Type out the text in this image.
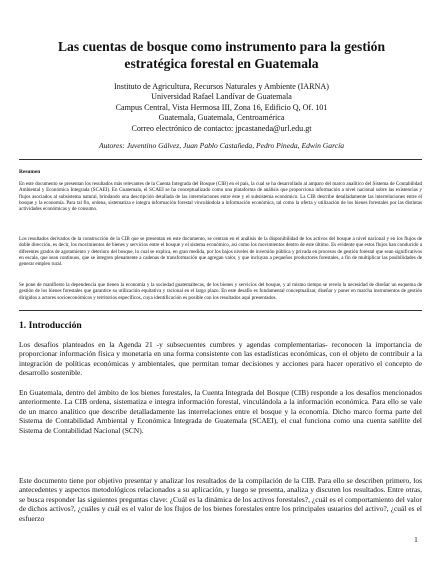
Las cuentas de bosque como instrumento para la gestión
estratégica forestal en Guatemala
Instituto de Agricultura, Recursos Naturales y Ambiente (IARNA)
Universidad Rafael Landívar de Guatemala
Campus Central, Vista Hermosa III, Zona 16, Edificio Q, Of. 101
Guatemala, Guatemala, Centroamérica
Correo electrónico de contacto: jpcastaneda@url.edu.gt
Autores: Juventino Gálvez, Juan Pablo Castañeda, Pedro Pineda, Edwin García
Resumen
En este documento se presentan los resultados más relevantes de la Cuenta Integrada del Bosque (CIB) en el país, la cual se ha desarrollado al amparo del marco analítico del Sistema de Contabilidad Ambiental y Económica Integrada (SCAEI). En Guatemala, el SCAEI se ha conceptualizado como una plataforma de análisis que proporciona información a nivel nacional sobre las existencias y flujos asociados al subsistema natural, brindando una descripción detallada de las interrelaciones entre éste y el subsistema económico. La CIB describe detalladamente las interrelaciones entre el bosque y la economía. Para tal fin, ordena, sistematiza e integra información forestal vinculándola a información económica, tal como la oferta y utilización de los bienes forestales por las distintas actividades económicas y de consumo.
Los resultados derivados de la construcción de la CIB que se presentan en este documento, se centran en el análisis de la disponibilidad de los activos del bosque a nivel nacional y en los flujos de doble dirección, es decir, los movimientos de bienes y servicios entre el bosque y el sistema económico, así como los movimientos dentro de este último. Es evidente que estos flujos han conducido a diferentes grados de agotamiento y deterioro del bosque, lo cual se explica, en gran medida, por los bajos niveles de inversión pública y privada en procesos de gestión forestal que sean significativos en escala, que sean continuos, que se integren plenamente a cadenas de transformación que agregan valor, y que incluyan a pequeños productores forestales, a fin de multiplicar las posibilidades de generar empleo rural.
Se pone de manifiesto la dependencia que tienen la economía y la sociedad guatemaltecas, de los bienes y servicios del bosque, y al mismo tiempo se revela la necesidad de diseñar un esquema de gestión de los bienes forestales que garantice su utilización equitativa y racional en el largo plazo. En este desafío es fundamental conceptualizar, diseñar y poner en marcha instrumentos de gestión dirigidos a actores socioeconómicos y territorios específicos, cuya identificación es posible con los resultados aquí presentados.
1. Introducción
Los desafíos planteados en la Agenda 21 -y subsecuentes cumbres y agendas complementarias- reconocen la importancia de proporcionar información física y monetaria en una forma consistente con las estadísticas económicas, con el objeto de contribuir a la integración de políticas económicas y ambientales, que permitan tomar decisiones y acciones para hacer operativo el concepto de desarrollo sostenible.
En Guatemala, dentro del ámbito de los bienes forestales, la Cuenta Integrada del Bosque (CIB) responde a los desafíos mencionados anteriormente. La CIB ordena, sistematiza e integra información forestal, vinculándola a la información económica. Para ello se vale de un marco analítico que describe detalladamente las interrelaciones entre el bosque y la economía. Dicho marco forma parte del Sistema de Contabilidad Ambiental y Económica Integrada de Guatemala (SCAEI), el cual funciona como una cuenta satélite del Sistema de Contabilidad Nacional (SCN).
Este documento tiene por objetivo presentar y analizar los resultados de la compilación de la CIB. Para ello se describen primero, los antecedentes y aspectos metodológicos relacionados a su aplicación, y luego se presenta, analiza y discuten los resultados. Entre otras, se busca responder las siguientes preguntas clave: ¿Cuál es la dinámica de los activos forestales?, ¿cuál es el comportamiento del valor de dichos activos?, ¿cuáles y cuál es el valor de los flujos de los bienes forestales entre los principales usuarios del activo?, ¿cuál es el esfuerzo
1
